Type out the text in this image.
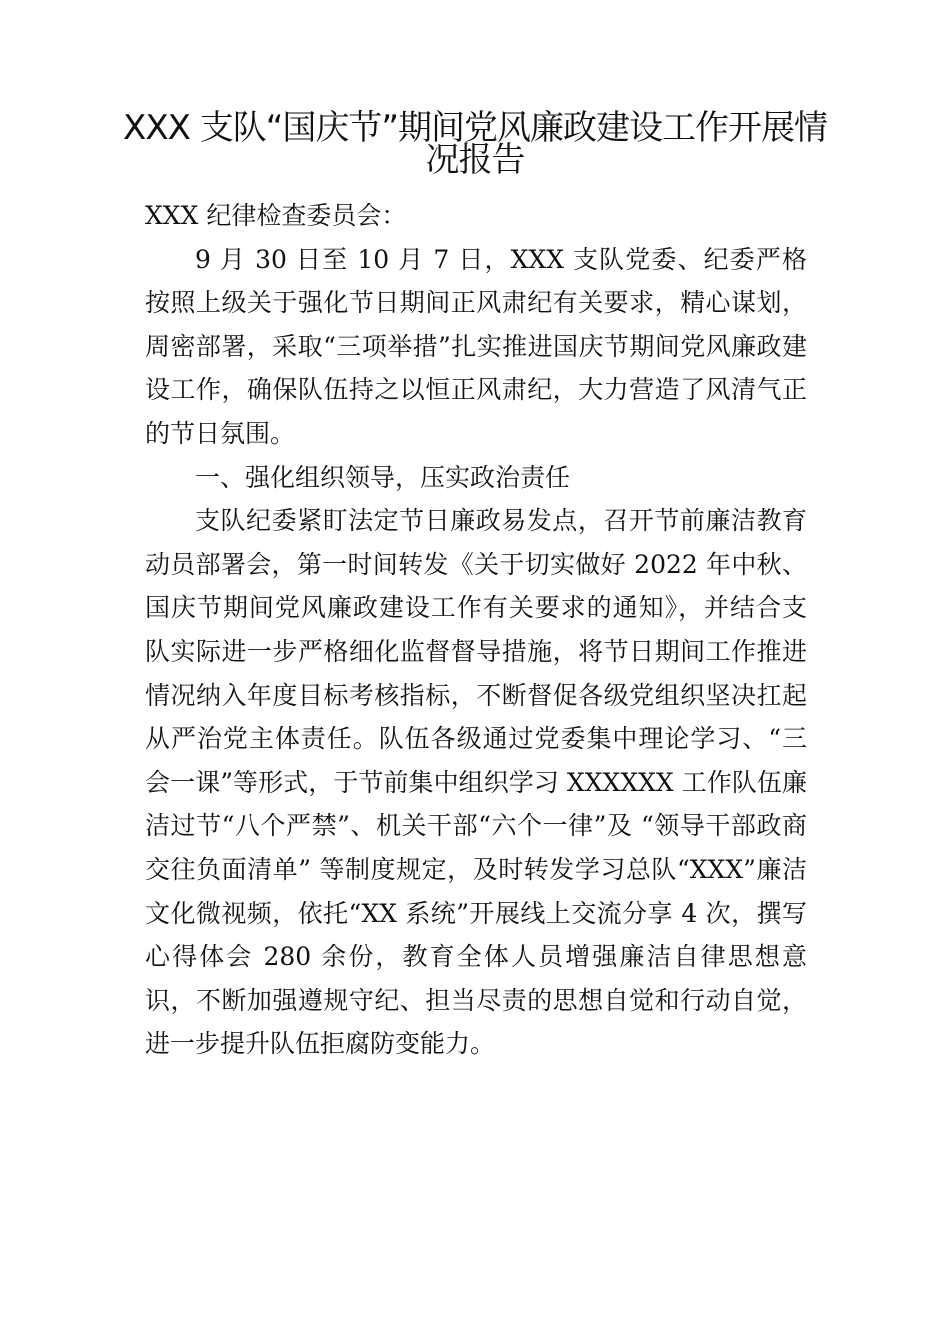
XXX 支队“国庆节”期间党风廉政建设工作开展情况报告

XXX 纪律检查委员会：

9 月 30 日至 10 月 7 日，XXX 支队党委、纪委严格按照上级关于强化节日期间正风肃纪有关要求，精心谋划，周密部署，采取“三项举措”扎实推进国庆节期间党风廉政建设工作，确保队伍持之以恒正风肃纪，大力营造了风清气正的节日氛围。

一、强化组织领导，压实政治责任

支队纪委紧盯法定节日廉政易发点，召开节前廉洁教育动员部署会，第一时间转发《关于切实做好 2022 年中秋、国庆节期间党风廉政建设工作有关要求的通知》，并结合支队实际进一步严格细化监督督导措施，将节日期间工作推进情况纳入年度目标考核指标，不断督促各级党组织坚决扛起从严治党主体责任。队伍各级通过党委集中理论学习、“三会一课”等形式，于节前集中组织学习 XXXXXX 工作队伍廉洁过节“八个严禁”、机关干部“六个一律”及 “领导干部政商交往负面清单” 等制度规定，及时转发学习总队“XXX”廉洁文化微视频，依托“XX 系统”开展线上交流分享 4 次，撰写心得体会 280 余份，教育全体人员增强廉洁自律思想意识，不断加强遵规守纪、担当尽责的思想自觉和行动自觉，进一步提升队伍拒腐防变能力。
